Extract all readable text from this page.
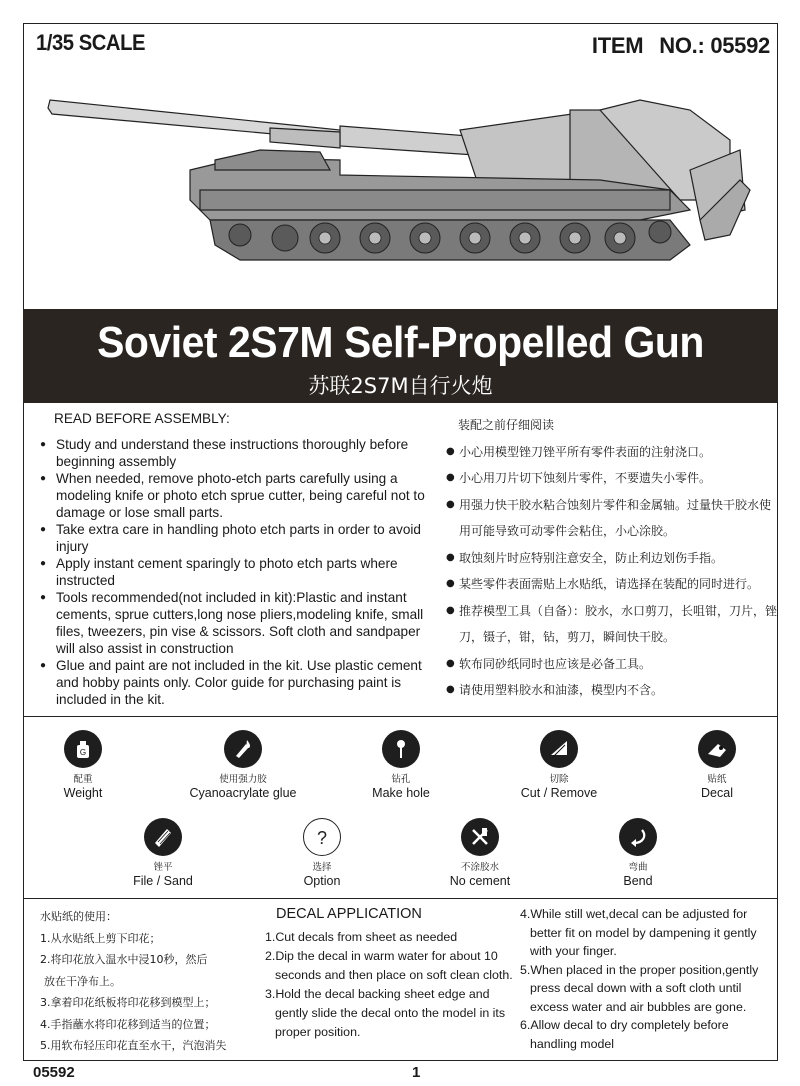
1/35 SCALE	ITEM NO.: 05592
Soviet 2S7M Self-Propelled Gun
苏联2S7M自行火炮
READ BEFORE ASSEMBLY:
● Study and understand these instructions thoroughly before beginning assembly
● When needed, remove photo-etch parts carefully using a modeling knife or photo etch sprue cutter, being careful not to damage or lose small parts.
● Take extra care in handling photo etch parts in order to avoid injury
● Apply instant cement sparingly to photo etch parts where instructed
● Tools recommended(not included in kit):Plastic and instant cements, sprue cutters,long nose pliers,modeling knife, small files, tweezers, pin vise & scissors. Soft cloth and sandpaper will also assist in construction
● Glue and paint are not included in the kit. Use plastic cement and hobby paints only. Color guide for purchasing paint is included in the kit.
装配之前仔细阅读
● 小心用模型锉刀锉平所有零件表面的注射浇口。
● 小心用刀片切下蚀刻片零件，不要遗失小零件。
● 用强力快干胶水粘合蚀刻片零件和金属轴。过量快干胶水使用可能导致可动零件会粘住，小心涂胶。
● 取蚀刻片时应特别注意安全，防止利边划伤手指。
● 某些零件表面需贴上水贴纸，请选择在装配的同时进行。
● 推荐模型工具（自备）：胶水，水口剪刀，长咀钳，刀片，锉刀，镊子，钳，钻，剪刀，瞬间快干胶。
● 软布同砂纸同时也应该是必备工具。
● 请使用塑料胶水和油漆，模型内不含。
G
配重
Weight
使用强力胶
Cyanoacrylate glue
钻孔
Make hole
切除
Cut / Remove
贴纸
Decal
锉平
File / Sand
?
选择
Option
不涂胶水
No cement
弯曲
Bend
水贴纸的使用：
1.从水贴纸上剪下印花；
2.将印花放入温水中浸10秒，然后
放在干净布上。
3.拿着印花纸板将印花移到模型上；
4.手指蘸水将印花移到适当的位置；
5.用软布轻压印花直至水干，汽泡消失
DECAL APPLICATION
1.Cut decals from sheet as needed
2.Dip the decal in warm water for about 10 seconds and then place on soft clean cloth.
3.Hold the decal backing sheet edge and gently slide the decal onto the model in its proper position.
4.While still wet,decal can be adjusted for better fit on model by dampening it gently with your finger.
5.When placed in the proper position,gently press decal down with a soft cloth until excess water and air bubbles are gone.
6.Allow decal to dry completely before handling model
05592	1
